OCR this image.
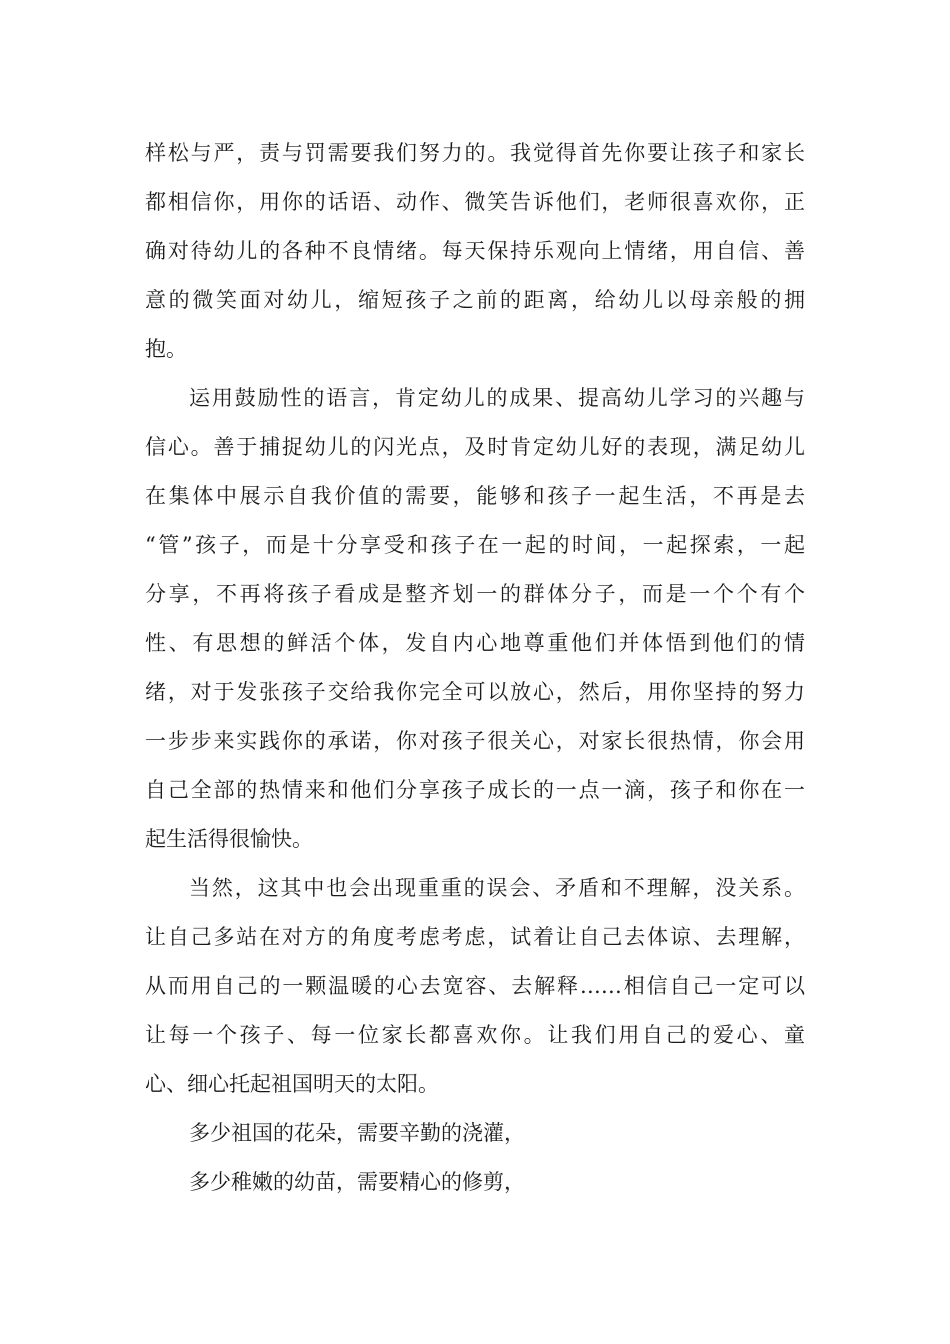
样松与严，责与罚需要我们努力的。我觉得首先你要让孩子和家长
都相信你，用你的话语、动作、微笑告诉他们，老师很喜欢你，正
确对待幼儿的各种不良情绪。每天保持乐观向上情绪，用自信、善
意的微笑面对幼儿，缩短孩子之前的距离，给幼儿以母亲般的拥
抱。
运用鼓励性的语言，肯定幼儿的成果、提高幼儿学习的兴趣与
信心。善于捕捉幼儿的闪光点，及时肯定幼儿好的表现，满足幼儿
在集体中展示自我价值的需要，能够和孩子一起生活，不再是去
“管”孩子，而是十分享受和孩子在一起的时间，一起探索，一起
分享，不再将孩子看成是整齐划一的群体分子，而是一个个有个
性、有思想的鲜活个体，发自内心地尊重他们并体悟到他们的情
绪，对于发张孩子交给我你完全可以放心，然后，用你坚持的努力
一步步来实践你的承诺，你对孩子很关心，对家长很热情，你会用
自己全部的热情来和他们分享孩子成长的一点一滴，孩子和你在一
起生活得很愉快。
当然，这其中也会出现重重的误会、矛盾和不理解，没关系。
让自己多站在对方的角度考虑考虑，试着让自己去体谅、去理解，
从而用自己的一颗温暖的心去宽容、去解释……相信自己一定可以
让每一个孩子、每一位家长都喜欢你。让我们用自己的爱心、童
心、细心托起祖国明天的太阳。
多少祖国的花朵，需要辛勤的浇灌，
多少稚嫩的幼苗，需要精心的修剪，
